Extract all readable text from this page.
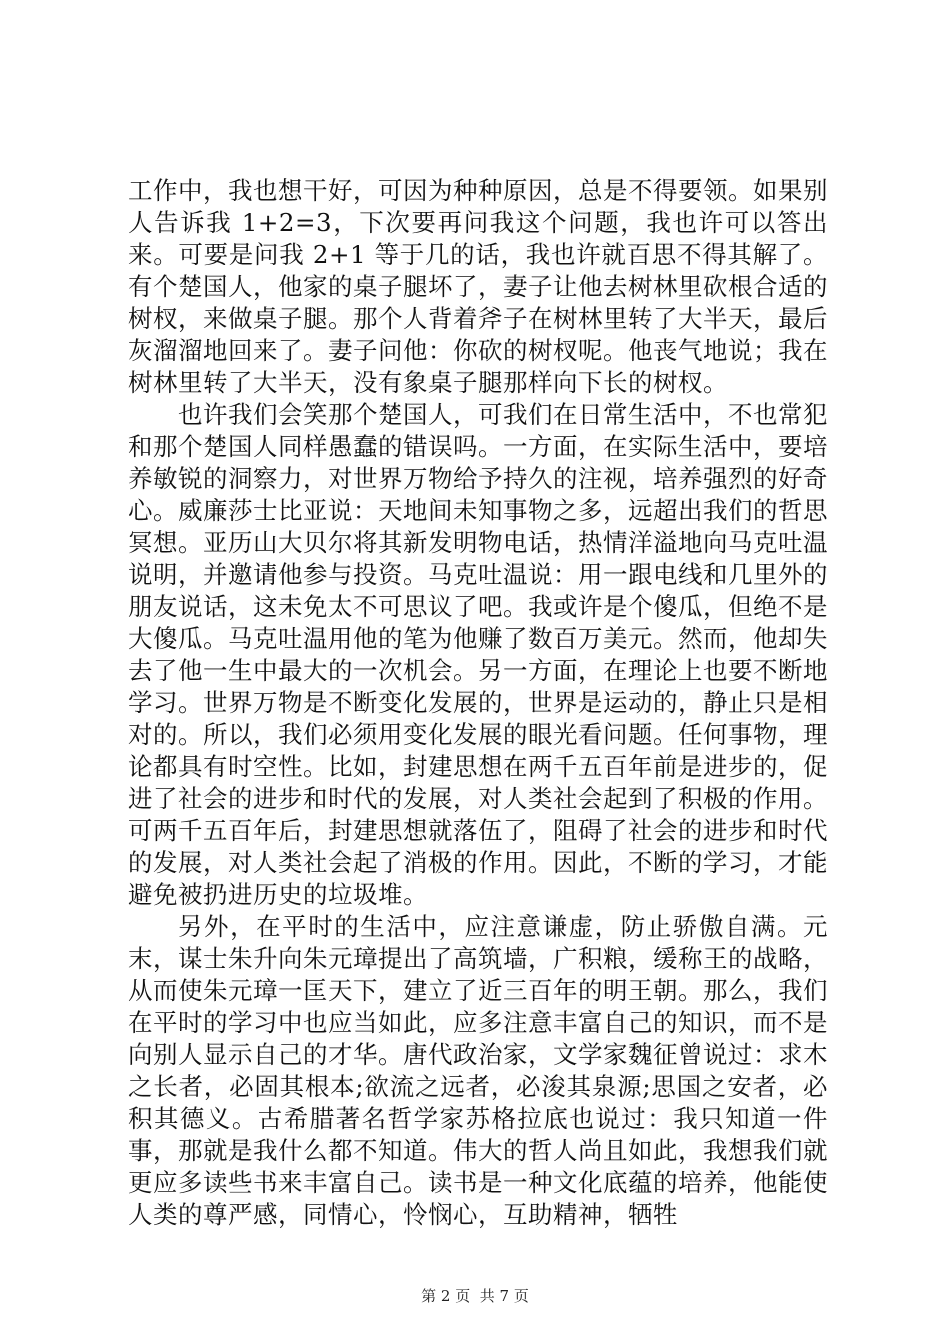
工作中，我也想干好，可因为种种原因，总是不得要领。如果别人告诉我 1+2=3，下次要再问我这个问题，我也许可以答出来。可要是问我 2+1 等于几的话，我也许就百思不得其解了。有个楚国人，他家的桌子腿坏了，妻子让他去树林里砍根合适的树杈，来做桌子腿。那个人背着斧子在树林里转了大半天，最后灰溜溜地回来了。妻子问他：你砍的树杈呢。他丧气地说；我在树林里转了大半天，没有象桌子腿那样向下长的树杈。

也许我们会笑那个楚国人，可我们在日常生活中，不也常犯和那个楚国人同样愚蠢的错误吗。一方面，在实际生活中，要培养敏锐的洞察力，对世界万物给予持久的注视，培养强烈的好奇心。威廉莎士比亚说：天地间未知事物之多，远超出我们的哲思冥想。亚历山大贝尔将其新发明物电话，热情洋溢地向马克吐温说明，并邀请他参与投资。马克吐温说：用一跟电线和几里外的朋友说话，这未免太不可思议了吧。我或许是个傻瓜，但绝不是大傻瓜。马克吐温用他的笔为他赚了数百万美元。然而，他却失去了他一生中最大的一次机会。另一方面，在理论上也要不断地学习。世界万物是不断变化发展的，世界是运动的，静止只是相对的。所以，我们必须用变化发展的眼光看问题。任何事物，理论都具有时空性。比如，封建思想在两千五百年前是进步的，促进了社会的进步和时代的发展，对人类社会起到了积极的作用。可两千五百年后，封建思想就落伍了，阻碍了社会的进步和时代的发展，对人类社会起了消极的作用。因此，不断的学习，才能避免被扔进历史的垃圾堆。

另外，在平时的生活中，应注意谦虚，防止骄傲自满。元末，谋士朱升向朱元璋提出了高筑墙，广积粮，缓称王的战略，从而使朱元璋一匡天下，建立了近三百年的明王朝。那么，我们在平时的学习中也应当如此，应多注意丰富自己的知识，而不是向别人显示自己的才华。唐代政治家，文学家魏征曾说过：求木之长者，必固其根本;欲流之远者，必浚其泉源;思国之安者，必积其德义。古希腊著名哲学家苏格拉底也说过：我只知道一件事，那就是我什么都不知道。伟大的哲人尚且如此，我想我们就更应多读些书来丰富自己。读书是一种文化底蕴的培养，他能使人类的尊严感，同情心，怜悯心，互助精神，牺牲

第 2 页  共 7 页
